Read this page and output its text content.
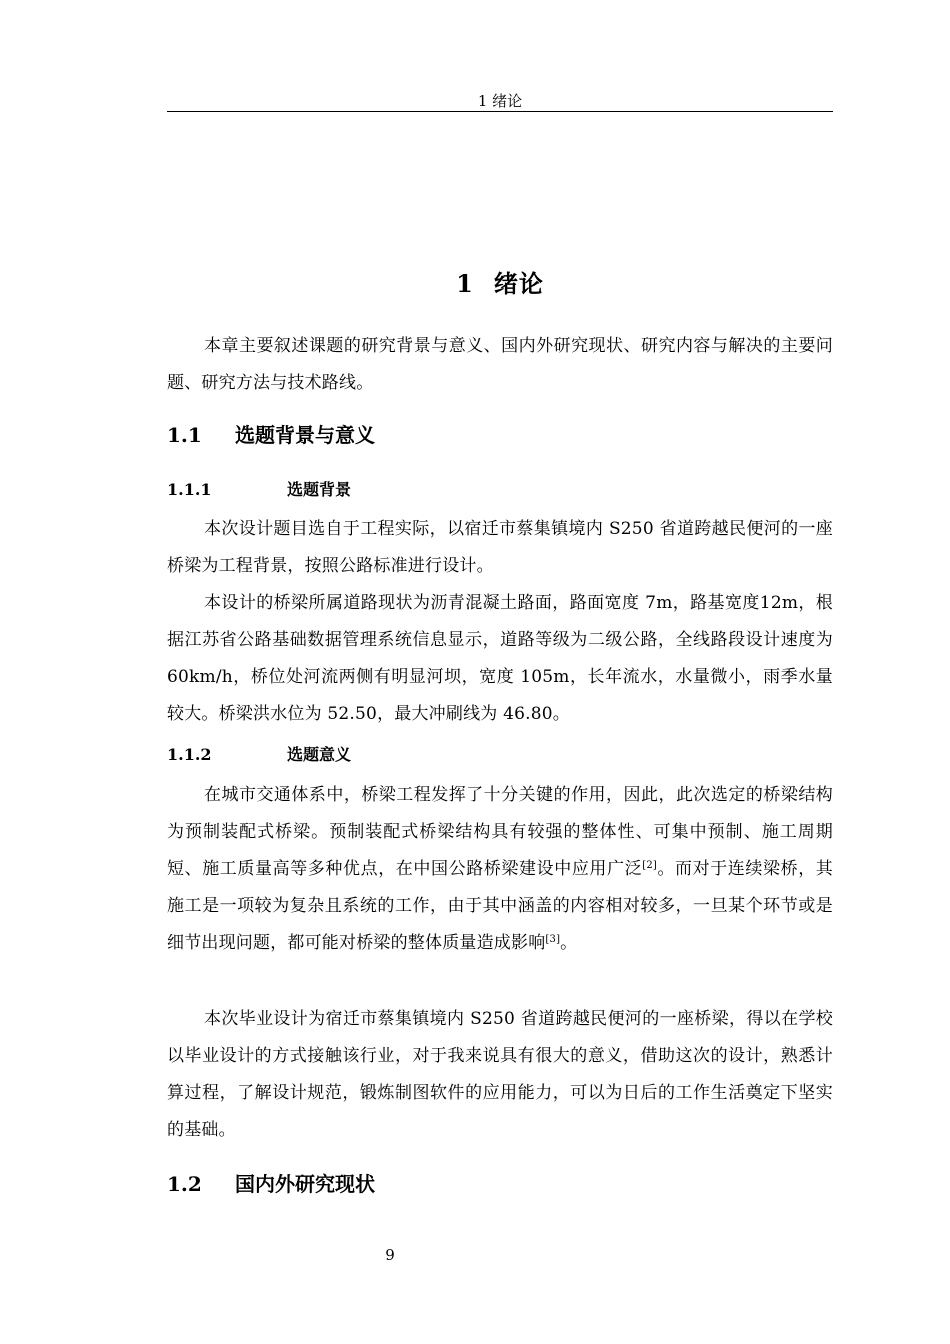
1 绪论
1 绪论

本章主要叙述课题的研究背景与意义、国内外研究现状、研究内容与解决的主要问题、研究方法与技术路线。

1.1 选题背景与意义
1.1.1	选题背景

本次设计题目选自于工程实际，以宿迁市蔡集镇境内 S250 省道跨越民便河的一座桥梁为工程背景，按照公路标准进行设计。

本设计的桥梁所属道路现状为沥青混凝土路面，路面宽度 7m，路基宽度12m，根据江苏省公路基础数据管理系统信息显示，道路等级为二级公路，全线路段设计速度为 60km/h，桥位处河流两侧有明显河坝，宽度 105m，长年流水，水量微小，雨季水量较大。桥梁洪水位为 52.50，最大冲刷线为 46.80。

1.1.2	选题意义

在城市交通体系中，桥梁工程发挥了十分关键的作用，因此，此次选定的桥梁结构为预制装配式桥梁。预制装配式桥梁结构具有较强的整体性、可集中预制、施工周期短、施工质量高等多种优点，在中国公路桥梁建设中应用广泛[2]。而对于连续梁桥，其施工是一项较为复杂且系统的工作，由于其中涵盖的内容相对较多，一旦某个环节或是细节出现问题，都可能对桥梁的整体质量造成影响[3]。

本次毕业设计为宿迁市蔡集镇境内 S250 省道跨越民便河的一座桥梁，得以在学校以毕业设计的方式接触该行业，对于我来说具有很大的意义，借助这次的设计，熟悉计算过程，了解设计规范，锻炼制图软件的应用能力，可以为日后的工作生活奠定下坚实的基础。

1.2 国内外研究现状
9
